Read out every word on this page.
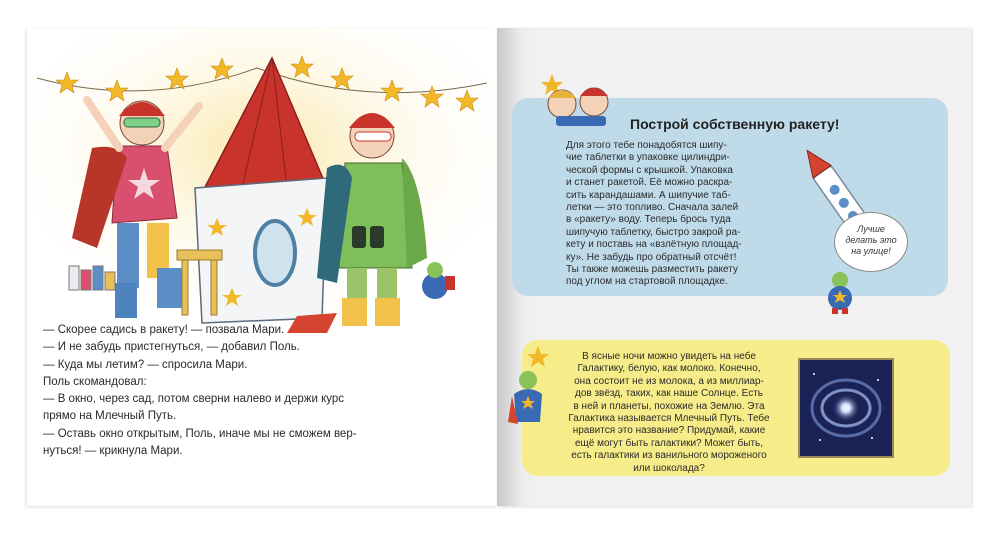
— Скорее садись в ракету! — позвала Мари.

— И не забудь пристегнуться, — добавил Поль.

— Куда мы летим? — спросила Мари.

Поль скомандовал:

— В окно, через сад, потом сверни налево и держи курс

прямо на Млечный Путь.

— Оставь окно открытым, Поль, иначе мы не сможем вер-

нуться! — крикнула Мари.

Построй собственную ракету!
Для этого тебе понадобятся шипу-
чие таблетки в упаковке цилиндри-
ческой формы с крышкой. Упаковка
и станет ракетой. Её можно раскра-
сить карандашами. А шипучие таб-
летки — это топливо. Сначала залей
в «ракету» воду. Теперь брось туда
шипучую таблетку, быстро закрой ра-
кету и поставь на «взлётную площад-
ку». Не забудь про обратный отсчёт!
Ты также можешь разместить ракету
под углом на стартовой площадке.
Лучше
делать это
на улице!
В ясные ночи можно увидеть на небе
Галактику, белую, как молоко. Конечно,
она состоит не из молока, а из миллиар-
дов звёзд, таких, как наше Солнце. Есть
в ней и планеты, похожие на Землю. Эта
Галактика называется Млечный Путь. Тебе
нравится это название? Придумай, какие
ещё могут быть галактики? Может быть,
есть галактики из ванильного мороженого
или шоколада?
